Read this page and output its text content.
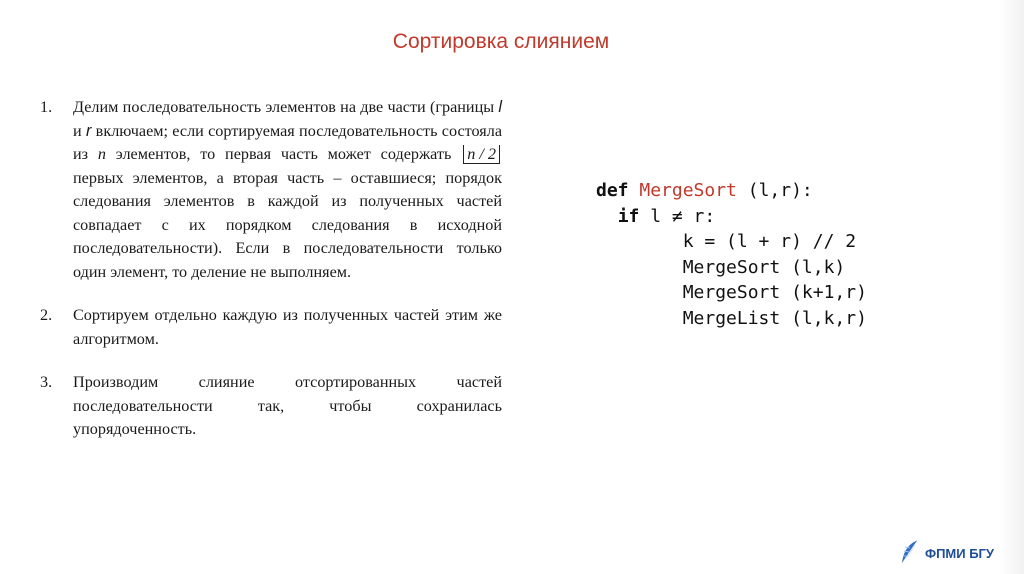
Сортировка слиянием
1. Делим последовательность элементов на две части (границы l и r включаем; если сортируемая последовательность состояла из n элементов, то первая часть может содержать n / 2 первых элементов, а вторая часть – оставшиеся; порядок следования элементов в каждой из полученных частей совпадает с их порядком следования в исходной последовательности). Если в последовательности только один элемент, то деление не выполняем.
2. Сортируем отдельно каждую из полученных частей этим же алгоритмом.
3. Производим слияние отсортированных частей последовательности так, чтобы сохранилась упорядоченность.
def MergeSort (l,r):
if l ≠ r:
k = (l + r) // 2
MergeSort (l,k)
MergeSort (k+1,r)
MergeList (l,k,r)
ФПМИ БГУ
